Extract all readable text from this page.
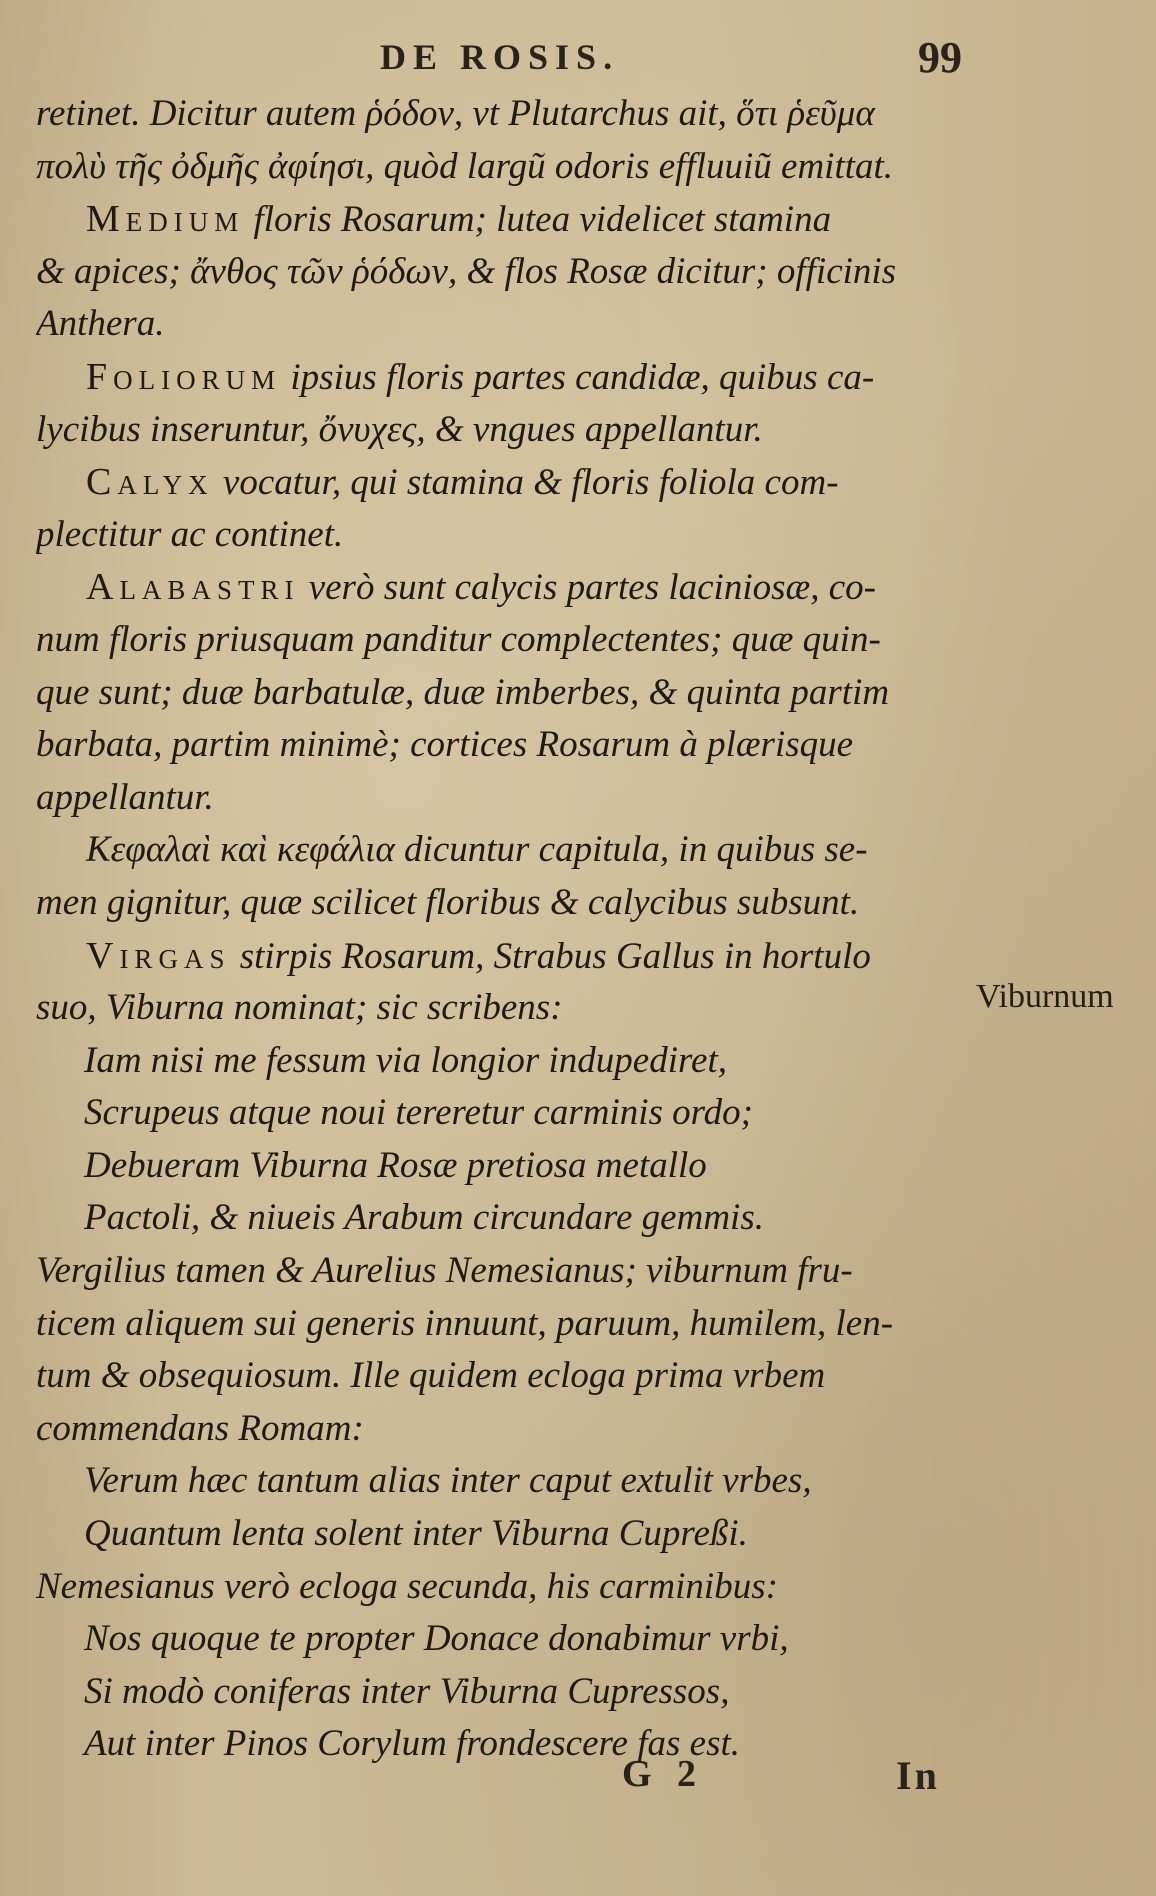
DE ROSIS.	99
retinet. Dicitur autem ῥόδον, vt Plutarchus ait, ὅτι ῥεῦμα
πολὺ τῆς ὀδμῆς ἀφίησι, quòd largũ odoris effluuiũ emittat.
Medium floris Rosarum; lutea videlicet stamina
& apices; ἄνθος τῶν ῥόδων, & flos Rosæ dicitur; officinis
Anthera.
Foliorum ipsius floris partes candidæ, quibus ca-
lycibus inseruntur, ὄνυχες, & vngues appellantur.
Calyx vocatur, qui stamina & floris foliola com-
plectitur ac continet.
Alabastri verò sunt calycis partes laciniosæ, co-
num floris priusquam panditur complectentes; quæ quin-
que sunt; duæ barbatulæ, duæ imberbes, & quinta partim
barbata, partim minimè; cortices Rosarum à plærisque
appellantur.
Κεφαλαὶ καὶ κεφάλια dicuntur capitula, in quibus se-
men gignitur, quæ scilicet floribus & calycibus subsunt.
Virgas stirpis Rosarum, Strabus Gallus in hortulo
suo, Viburna nominat; sic scribens:
Iam nisi me fessum via longior indupediret,
Scrupeus atque noui tereretur carminis ordo;
Debueram Viburna Rosæ pretiosa metallo
Pactoli, & niueis Arabum circundare gemmis.
Vergilius tamen & Aurelius Nemesianus; viburnum fru-
ticem aliquem sui generis innuunt, paruum, humilem, len-
tum & obsequiosum. Ille quidem ecloga prima vrbem
commendans Romam:
Verum hæc tantum alias inter caput extulit vrbes,
Quantum lenta solent inter Viburna Cupreßi.
Nemesianus verò ecloga secunda, his carminibus:
Nos quoque te propter Donace donabimur vrbi,
Si modò coniferas inter Viburna Cupressos,
Aut inter Pinos Corylum frondescere fas est.
Viburnum
G 2	In
